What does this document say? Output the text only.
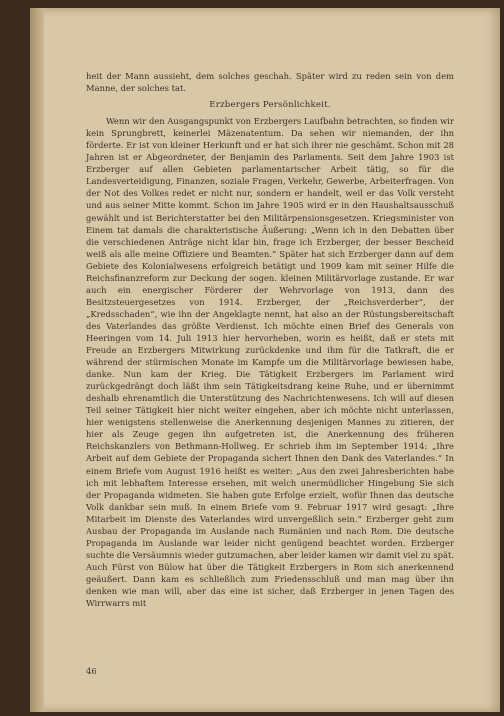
heit der Mann aussieht, dem solches geschah. Später wird zu reden sein von dem Manne, der solches tat.

Erzbergers Persönlichkeit.

Wenn wir den Ausgangspunkt von Erzbergers Laufbahn betrachten, so finden wir kein Sprungbrett, keinerlei Mäzenatentum. Da sehen wir niemanden, der ihn förderte. Er ist von kleiner Herkunft und er hat sich ihrer nie geschämt. Schon mit 28 Jahren ist er Abgeordneter, der Benjamin des Parlaments. Seit dem Jahre 1903 ist Erzberger auf allen Gebieten parlamentarischer Arbeit tätig, so für die Landesverteidigung, Finanzen, soziale Fragen, Verkehr, Gewerbe, Arbeiterfragen. Von der Not des Volkes redet er nicht nur, sondern er handelt, weil er das Volk versteht und aus seiner Mitte kommt. Schon im Jahre 1905 wird er in den Haushaltsausschuß gewählt und ist Berichterstatter bei den Militärpensionsgesetzen. Kriegsminister von Einem tat damals die charakteristische Äußerung: „Wenn ich in den Debatten über die verschiedenen Anträge nicht klar bin, frage ich Erzberger, der besser Bescheid weiß als alle meine Offiziere und Beamten.“ Später hat sich Erzberger dann auf dem Gebiete des Kolonialwesens erfolgreich betätigt und 1909 kam mit seiner Hilfe die Reichsfinanzreform zur Deckung der sogen. kleinen Militärvorlage zustande. Er war auch ein energischer Förderer der Wehrvorlage von 1913, dann des Besitzsteuergesetzes von 1914. Erzberger, der „Reichsverderber“, der „Kredsschaden“, wie ihn der Angeklagte nennt, hat also an der Rüstungsbereitschaft des Vaterlandes das größte Verdienst. Ich möchte einen Brief des Generals von Heeringen vom 14. Juli 1913 hier hervorheben, worin es heißt, daß er stets mit Freude an Erzbergers Mitwirkung zurückdenke und ihm für die Tatkraft, die er während der stürmischen Monate im Kampfe um die Militärvorlage bewiesen habe, danke. Nun kam der Krieg. Die Tätigkeit Erzbergers im Parlament wird zurückgedrängt doch läßt ihm sein Tätigkeitsdrang keine Ruhe, und er übernimmt deshalb ehrenamtlich die Unterstützung des Nachrichtenwesens. Ich will auf diesen Teil seiner Tätigkeit hier nicht weiter eingehen, aber ich möchte nicht unterlassen, hier wenigstens stellenweise die Anerkennung desjenigen Mannes zu zitieren, der hier als Zeuge gegen ihn aufgetreten ist, die Anerkennung des früheren Reichskanzlers von Bethmann-Hollweg. Er schrieb ihm im September 1914: „Ihre Arbeit auf dem Gebiete der Propaganda sichert Ihnen den Dank des Vaterlandes.“ In einem Briefe vom August 1916 heißt es weiter: „Aus den zwei Jahresberichten habe ich mit lebhaftem Interesse ersehen, mit welch unermüdlicher Hingebung Sie sich der Propaganda widmeten. Sie haben gute Erfolge erzielt, wofür Ihnen das deutsche Volk dankbar sein muß. In einem Briefe vom 9. Februar 1917 wird gesagt: „Ihre Mitarbeit im Dienste des Vaterlandes wird unvergeßlich sein.“ Erzberger geht zum Ausbau der Propaganda im Auslande nach Rumänien und nach Rom. Die deutsche Propaganda im Auslande war leider nicht genügend beachtet worden. Erzberger suchte die Versäumnis wieder gutzumachen, aber leider kamen wir damit viel zu spät. Auch Fürst von Bülow hat über die Tätigkeit Erzbergers in Rom sich anerkennend geäußert. Dann kam es schließlich zum Friedensschluß und man mag über ihn denken wie man will, aber das eine ist sicher, daß Erzberger in jenen Tagen des Wirrwarrs mit

46
